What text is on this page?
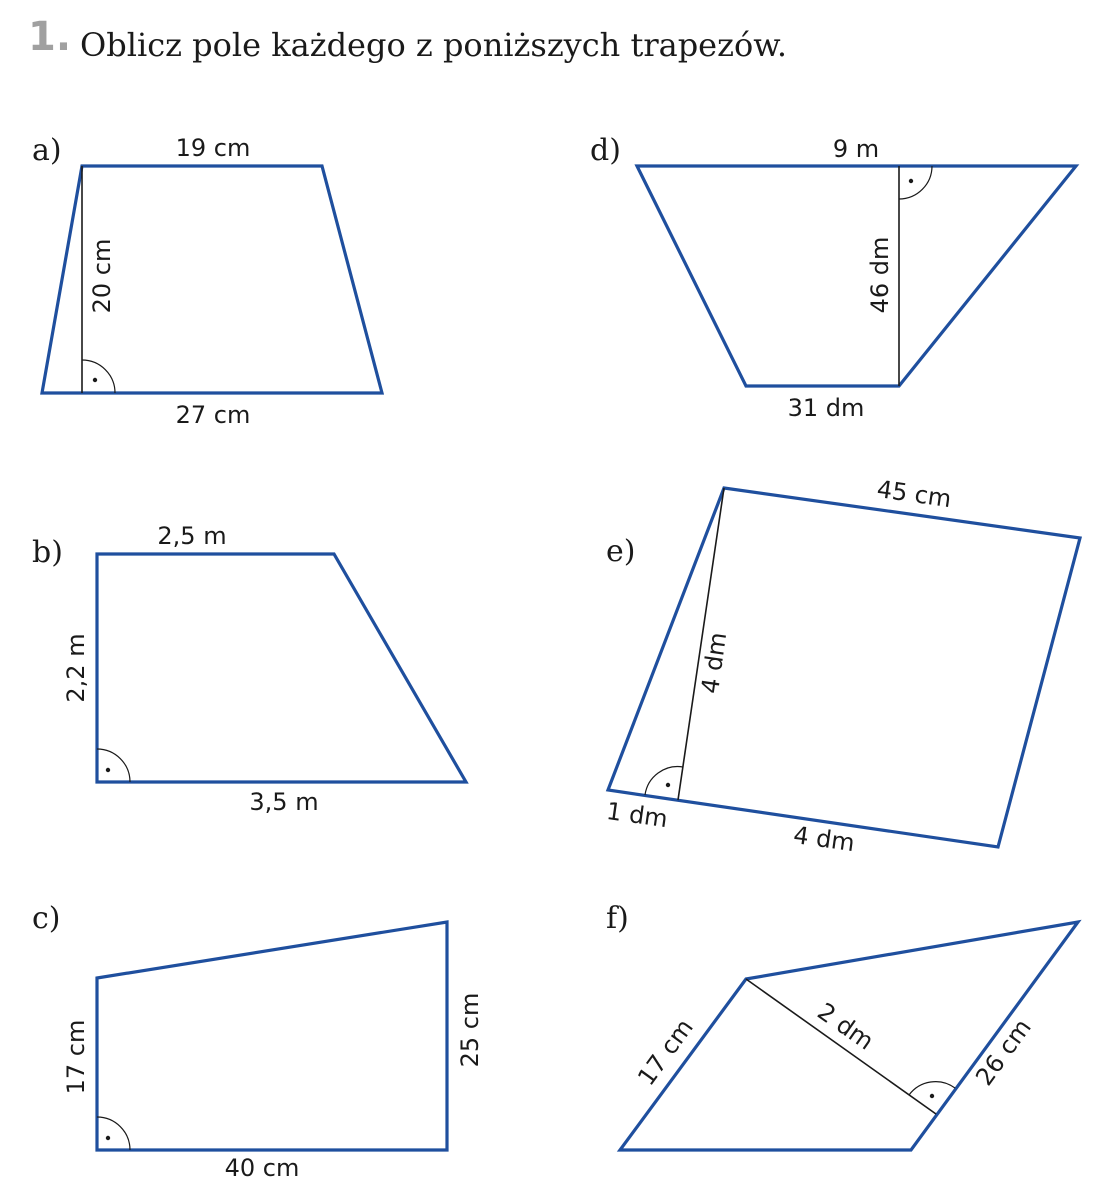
1. Oblicz pole każdego z poniższych trapezów.
a)	19 cm
20 cm
27 cm
b)	2,5 m
2,2 m
3,5 m
c)
17 cm	25 cm
40 cm
d)	9 m
46 dm
31 dm
e)
45 cm
4 dm
1 dm
4 dm
f)
17 cm	2 dm	26 cm
